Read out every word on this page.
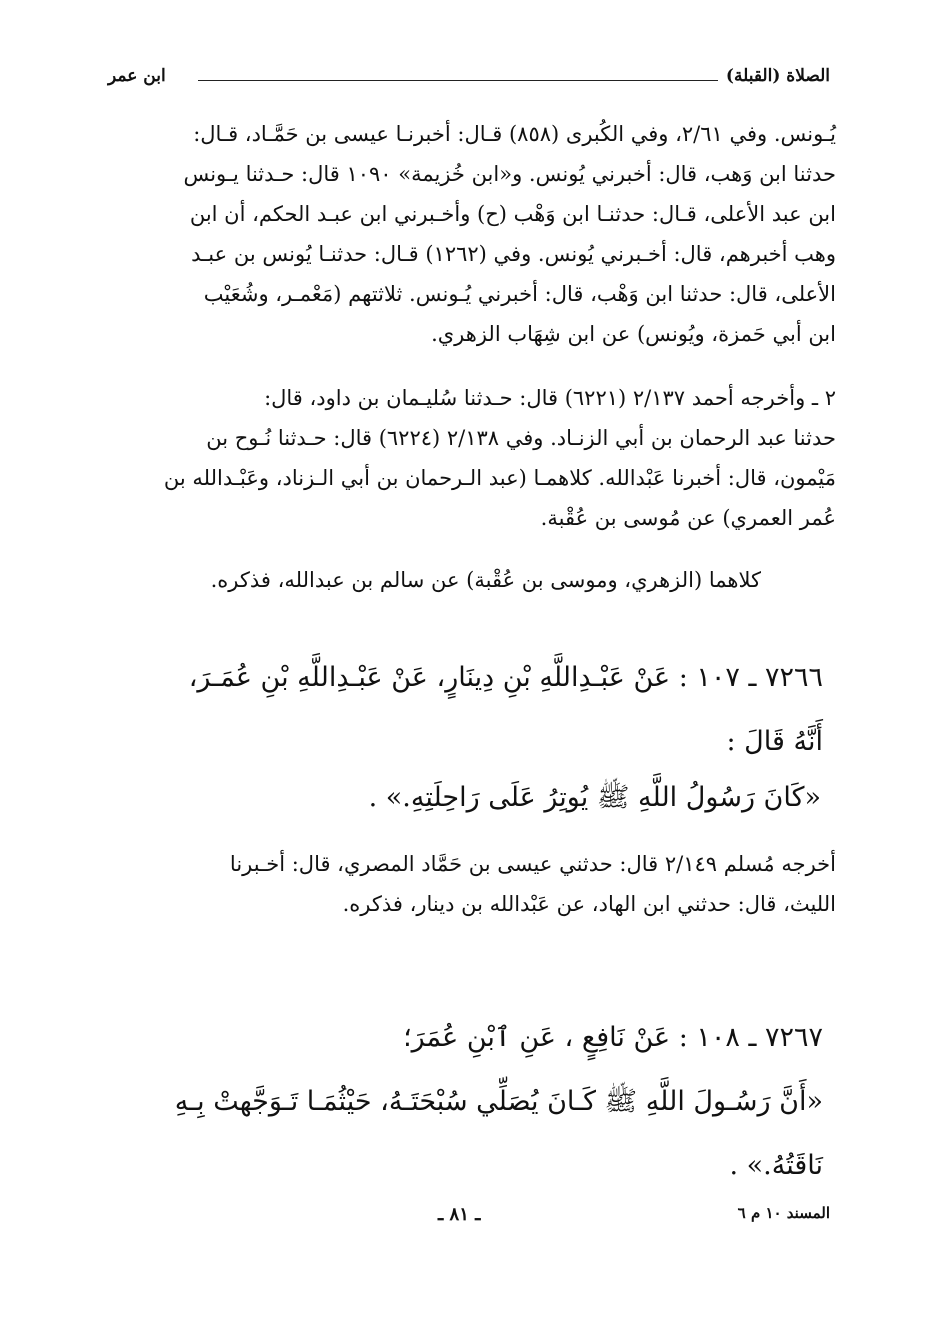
الصلاة (القبلة)
ابن عمر

يُـونس. وفي ٢/٦١، وفي الكُبرى (٨٥٨) قـال: أخبرنـا عيسى بن حَمَّـاد، قـال:

حدثنا ابن وَهب، قال: أخبرني يُونس. و«ابن خُزيمة» ١٠٩٠ قال: حـدثنا يـونس

ابن عبد الأعلى، قـال: حدثنـا ابن وَهْب (ح) وأخـبرني ابن عبـد الحكم، أن ابن

وهب أخبرهم، قال: أخـبرني يُونس. وفي (١٢٦٢) قـال: حدثنـا يُونس بن عبـد

الأعلى، قال: حدثنا ابن وَهْب، قال: أخبرني يُـونس. ثلاثتهم (مَعْمـر، وشُعَيْب

ابن أبي حَمزة، ويُونس) عن ابن شِهَاب الزهري.

٢ ـ وأخرجه أحمد ٢/١٣٧ (٦٢٢١) قال: حـدثنا سُليـمان بن داود، قال:

حدثنا عبد الرحمان بن أبي الزنـاد. وفي ٢/١٣٨ (٦٢٢٤) قال: حـدثنا نُـوح بن

مَيْمون، قال: أخبرنا عَبْدالله. كلاهمـا (عبد الـرحمان بن أبي الـزناد، وعَبْـدالله بن

عُمر العمري) عن مُوسى بن عُقْبة.

كلاهما (الزهري، وموسى بن عُقْبة) عن سالم بن عبدالله، فذكره.

٧٢٦٦ ـ ١٠٧ : عَنْ عَبْـدِاللَّهِ بْنِ دِينَارٍ، عَنْ عَبْـدِاللَّهِ بْنِ عُمَـرَ،

أَنَّهُ قَالَ :

«كَانَ رَسُولُ اللَّهِ ﷺ يُوتِرُ عَلَى رَاحِلَتِهِ.» .

أخرجه مُسلم ٢/١٤٩ قال: حدثني عيسى بن حَمَّاد المصري، قال: أخـبرنا

الليث، قال: حدثني ابن الهاد، عن عَبْدالله بن دينار، فذكره.

٧٢٦٧ ـ ١٠٨ : عَنْ نَافِعٍ ، عَنِ ٱبْنِ عُمَرَ؛

«أَنَّ رَسُـولَ اللَّهِ ﷺ كَـانَ يُصَلِّي سُبْحَتَـهُ، حَيْثُمَـا تَـوَجَّهتْ بِـهِ

نَاقَتُهُ.» .

المسند ١٠ م ٦
ـ ٨١ ـ
